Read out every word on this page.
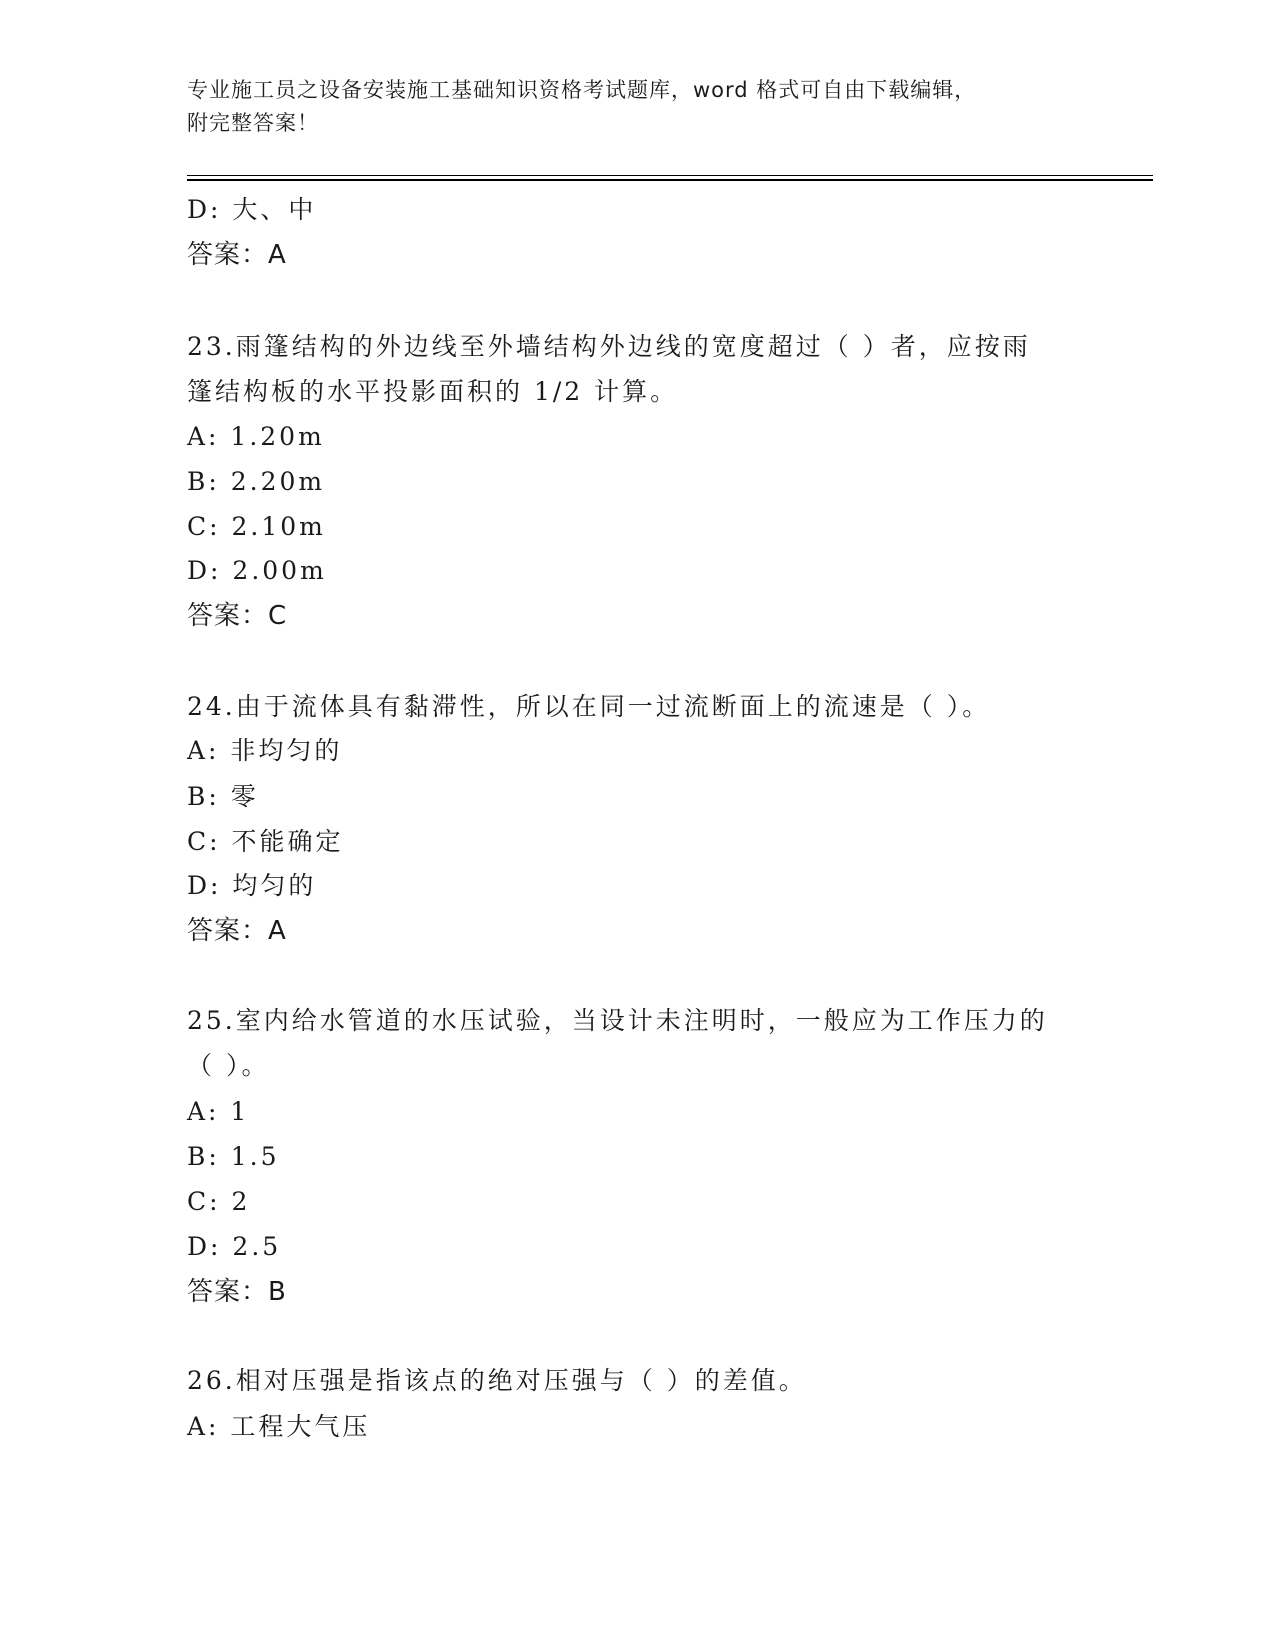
专业施工员之设备安装施工基础知识资格考试题库，word 格式可自由下载编辑，
附完整答案！
D: 大、中
答案：A
23.雨篷结构的外边线至外墙结构外边线的宽度超过（ ）者，应按雨
篷结构板的水平投影面积的 1/2 计算。
A: 1.20m
B: 2.20m
C: 2.10m
D: 2.00m
答案：C
24.由于流体具有黏滞性，所以在同一过流断面上的流速是（ ）。
A: 非均匀的
B: 零
C: 不能确定
D: 均匀的
答案：A
25.室内给水管道的水压试验，当设计未注明时，一般应为工作压力的
（ ）。
A: 1
B: 1.5
C: 2
D: 2.5
答案：B
26.相对压强是指该点的绝对压强与（ ）的差值。
A: 工程大气压
